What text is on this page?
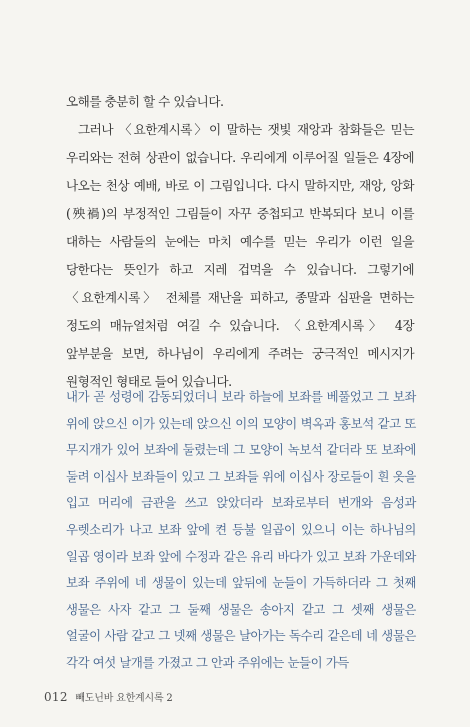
오해를 충분히 할 수 있습니다.

그러나 〈요한계시록〉이 말하는 잿빛 재앙과 참화들은 믿는 우리와는 전혀 상관이 없습니다. 우리에게 이루어질 일들은 4장에 나오는 천상 예배, 바로 이 그림입니다. 다시 말하지만, 재앙, 앙화(殃禍)의 부정적인 그림들이 자꾸 중첩되고 반복되다 보니 이를 대하는 사람들의 눈에는 마치 예수를 믿는 우리가 이런 일을 당한다는 뜻인가 하고 지레 겁먹을 수 있습니다. 그렇기에 〈요한계시록〉 전체를 재난을 피하고, 종말과 심판을 면하는 정도의 매뉴얼처럼 여길 수 있습니다. 〈요한계시록〉 4장 앞부분을 보면, 하나님이 우리에게 주려는 궁극적인 메시지가 원형적인 형태로 들어 있습니다.

내가 곧 성령에 감동되었더니 보라 하늘에 보좌를 베풀었고 그 보좌 위에 앉으신 이가 있는데 앉으신 이의 모양이 벽옥과 홍보석 같고 또 무지개가 있어 보좌에 둘렸는데 그 모양이 녹보석 같더라 또 보좌에 둘려 이십사 보좌들이 있고 그 보좌들 위에 이십사 장로들이 흰 옷을 입고 머리에 금관을 쓰고 앉았더라 보좌로부터 번개와 음성과 우렛소리가 나고 보좌 앞에 켠 등불 일곱이 있으니 이는 하나님의 일곱 영이라 보좌 앞에 수정과 같은 유리 바다가 있고 보좌 가운데와 보좌 주위에 네 생물이 있는데 앞뒤에 눈들이 가득하더라 그 첫째 생물은 사자 같고 그 둘째 생물은 송아지 같고 그 셋째 생물은 얼굴이 사람 같고 그 넷째 생물은 날아가는 독수리 같은데 네 생물은 각각 여섯 날개를 가졌고 그 안과 주위에는 눈들이 가득

012 빼도닌바 요한계시록 2
